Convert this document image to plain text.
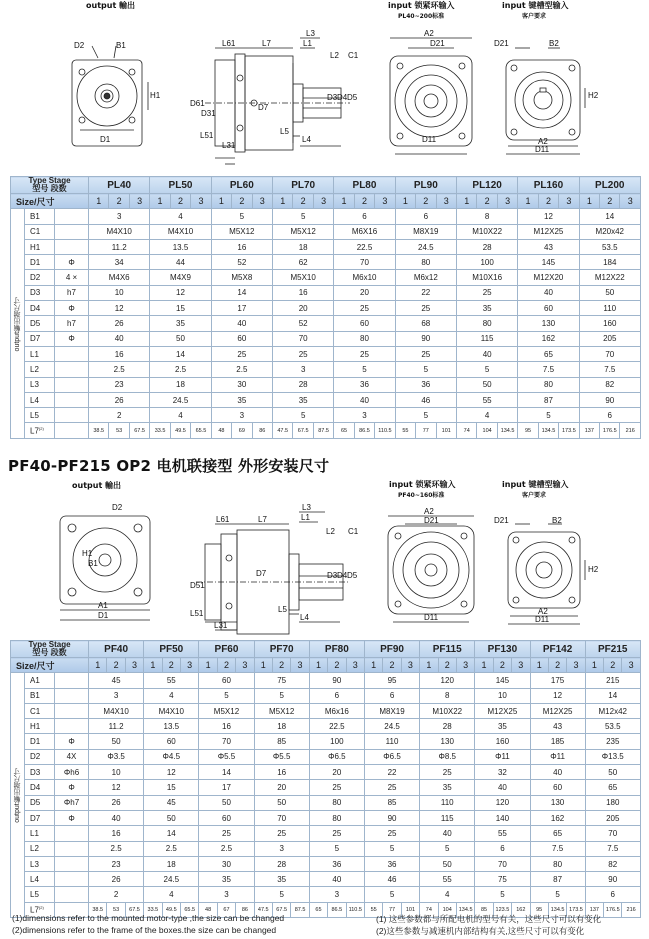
output 輸出	input 锁紧环输入
PL40~200标准
input 键槽型输入
客户要求
D2	B1
H1
D1
L61	L7
L3
L1
L2 C1
D61
D31
D7
D3 D4 D5
L51
L31
L5
L4
A2
D21
D11
D21	B2
H2
A2
D11
Type Stage
型号 段数			PL40			PL50			PL60			PL70			PL80			PL90			PL120			PL160			PL200		
Size/尺寸			1	2	3	1	2	3	1	2	3	1	2	3	1	2	3	1	2	3	1	2	3	1	2	3	1	2	3
output輸出端尺寸	B1		3			4			5			5			6			6			8			12			14		
	C1		M4X10			M4X10			M5X12			M5X12			M6X16			M8X19			M10X22			M12X25			M20x42		
	H1		11.2			13.5			16			18			22.5			24.5			28			43			53.5		
	D1	Φ	34			44			52			62			70			80			100			145			184		
	D2	4 ×	M4X6			M4X9			M5X8			M5X10			M6x10			M6x12			M10X16			M12X20			M12X22		
	D3	h7	10			12			14			16			20			22			25			40			50		
	D4	Φ	12			15			17			20			25			25			35			60			110		
	D5	h7	26			35			40			52			60			68			80			130			160		
	D7	Φ	40			50			60			70			80			90			115			162			205		
	L1		16			14			25			25			25			25			40			65			70		
	L2		2.5			2.5			2.5			3			5			5			5			7.5			7.5		
	L3		23			18			30			28			36			36			50			80			82		
	L4		26			24.5			35			35			40			46			55			87			90		
	L5		2			4			3			5			3			5			4			5			6		
	L7$^{(2)}$		38.5	53	67.5	33.5	49.5	65.5	48	69	86	47.5	67.5	87.5	65	86.5	110.5	55	77	101	74	104	134.5	95	134.5	173.5	137	176.5	216
PF40-PF215 OP2 电机联接型 外形安装尺寸
output 輸出	input 锁紧环输入
PF40~160标准
input 键槽型输入
客户要求
D2
H1
B1
A1
D1
L61	L7
L3
L1
L2 C1
D51
D7	D3 D4 D5
L51
L31
L5
L4
A2
D21
D11
D21	B2
H2
A2
D11
Type Stage
型号 段数			PF40			PF50			PF60			PF70			PF80			PF90			PF115			PF130			PF142			PF215		
Size/尺寸			1	2	3	1	2	3	1	2	3	1	2	3	1	2	3	1	2	3	1	2	3	1	2	3	1	2	3	1	2	3
output輸出端尺寸	A1		45			55			60			75			90			95			120			145			175			215		
	B1		3			4			5			5			6			6			8			10			12			14		
	C1		M4X10			M4X10			M5X12			M5X12			M6x16			M8X19			M10X22			M12X25			M12X25			M12x42		
	H1		11.2			13.5			16			18			22.5			24.5			28			35			43			53.5		
	D1	Φ	50			60			70			85			100			110			130			160			185			235		
	D2	4X	Φ3.5			Φ4.5			Φ5.5			Φ5.5			Φ6.5			Φ6.5			Φ8.5			Φ11			Φ11			Φ13.5		
	D3	Φh6	10			12			14			16			20			22			25			32			40			50		
	D4	Φ	12			15			17			20			25			25			35			40			60			65		
	D5	Φh7	26			45			50			50			80			85			110			120			130			180		
	D7	Φ	40			50			60			70			80			90			115			140			162			205		
	L1		16			14			25			25			25			25			40			55			65			70		
	L2		2.5			2.5			2.5			3			5			5			5			6			7.5			7.5		
	L3		23			18			30			28			36			36			50			70			80			82		
	L4		26			24.5			35			35			40			46			55			75			87			90		
	L5		2			4			3			5			3			5			4			5			5			6		
	L7$^{(2)}$		38.5	53	67.5	33.5	49.5	65.5	48	67	86	47.5	67.5	87.5	65	86.5	110.5	55	77	101	74	104	134.5	85	123.5	162	95	134.5	173.5	137	176.5	216
(1)dimensions refer to the mounted motor-type ,the size can be changed
(2)dimensions refer to the frame of the boxes.the size can be changed
(1) 这些参数都与所配电机的型号有关，这些尺寸可以有变化
(2)这些参数与减速机内部结构有关,这些尺寸可以有变化
